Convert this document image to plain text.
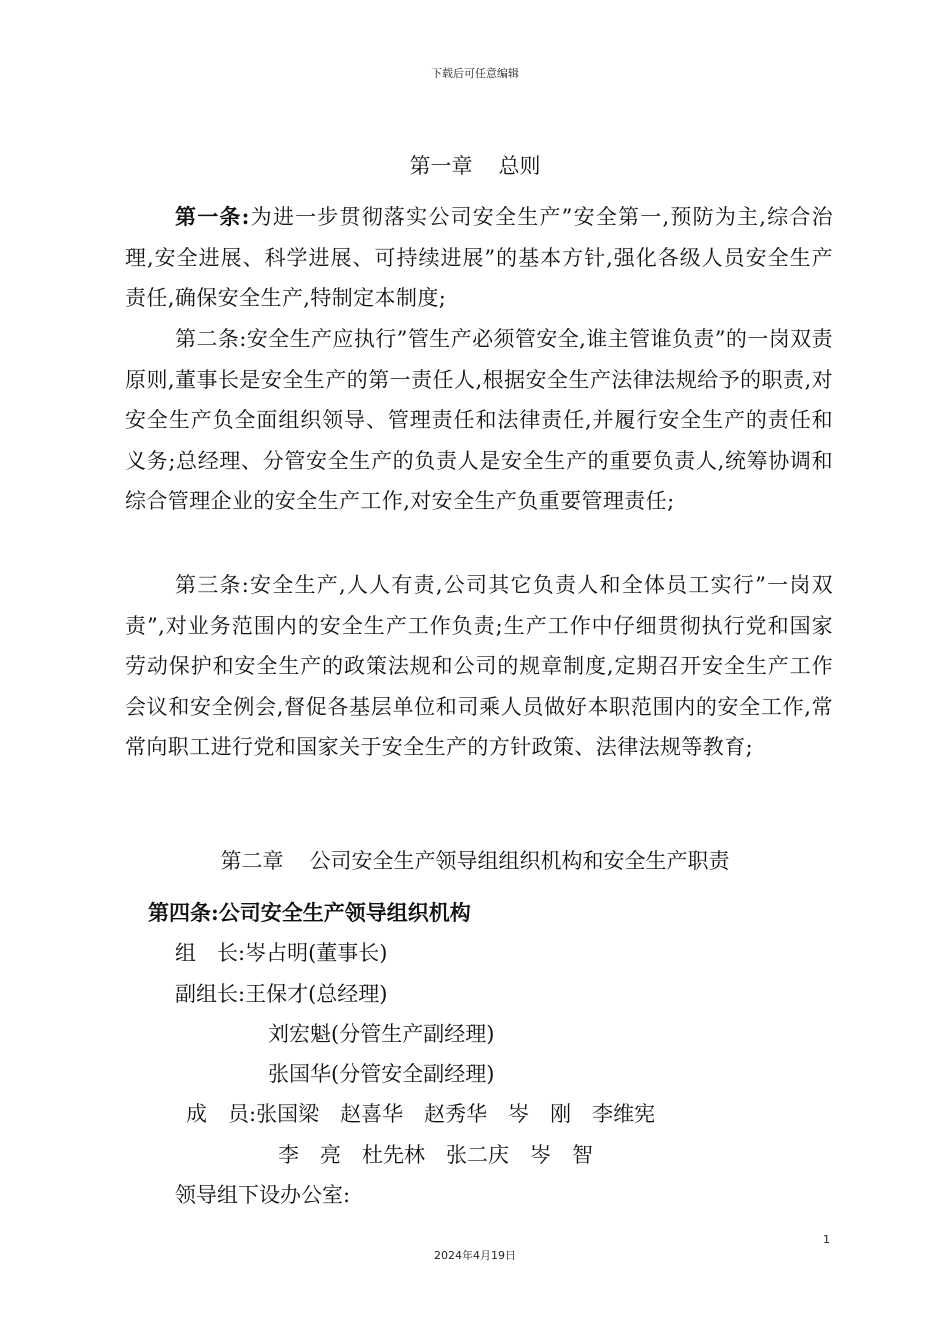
下载后可任意编辑
第一章 总则
第一条:为进一步贯彻落实公司安全生产”安全第一,预防为主,综合治理,安全进展、科学进展、可持续进展”的基本方针,强化各级人员安全生产责任,确保安全生产,特制定本制度;
第二条:安全生产应执行”管生产必须管安全,谁主管谁负责”的一岗双责原则,董事长是安全生产的第一责任人,根据安全生产法律法规给予的职责,对安全生产负全面组织领导、管理责任和法律责任,并履行安全生产的责任和义务;总经理、分管安全生产的负责人是安全生产的重要负责人,统筹协调和综合管理企业的安全生产工作,对安全生产负重要管理责任;
第三条:安全生产,人人有责,公司其它负责人和全体员工实行”一岗双责”,对业务范围内的安全生产工作负责;生产工作中仔细贯彻执行党和国家劳动保护和安全生产的政策法规和公司的规章制度,定期召开安全生产工作会议和安全例会,督促各基层单位和司乘人员做好本职范围内的安全工作,常常向职工进行党和国家关于安全生产的方针政策、法律法规等教育;
第二章 公司安全生产领导组组织机构和安全生产职责
第四条:公司安全生产领导组织机构
组　长:岑占明(董事长)
副组长:王保才(总经理)
刘宏魁(分管生产副经理)
张国华(分管安全副经理)
成　员:张国梁　赵喜华　赵秀华　岑　刚　李维宪
李　亮　杜先林　张二庆　岑　智
领导组下设办公室:
1
2024年4月19日
